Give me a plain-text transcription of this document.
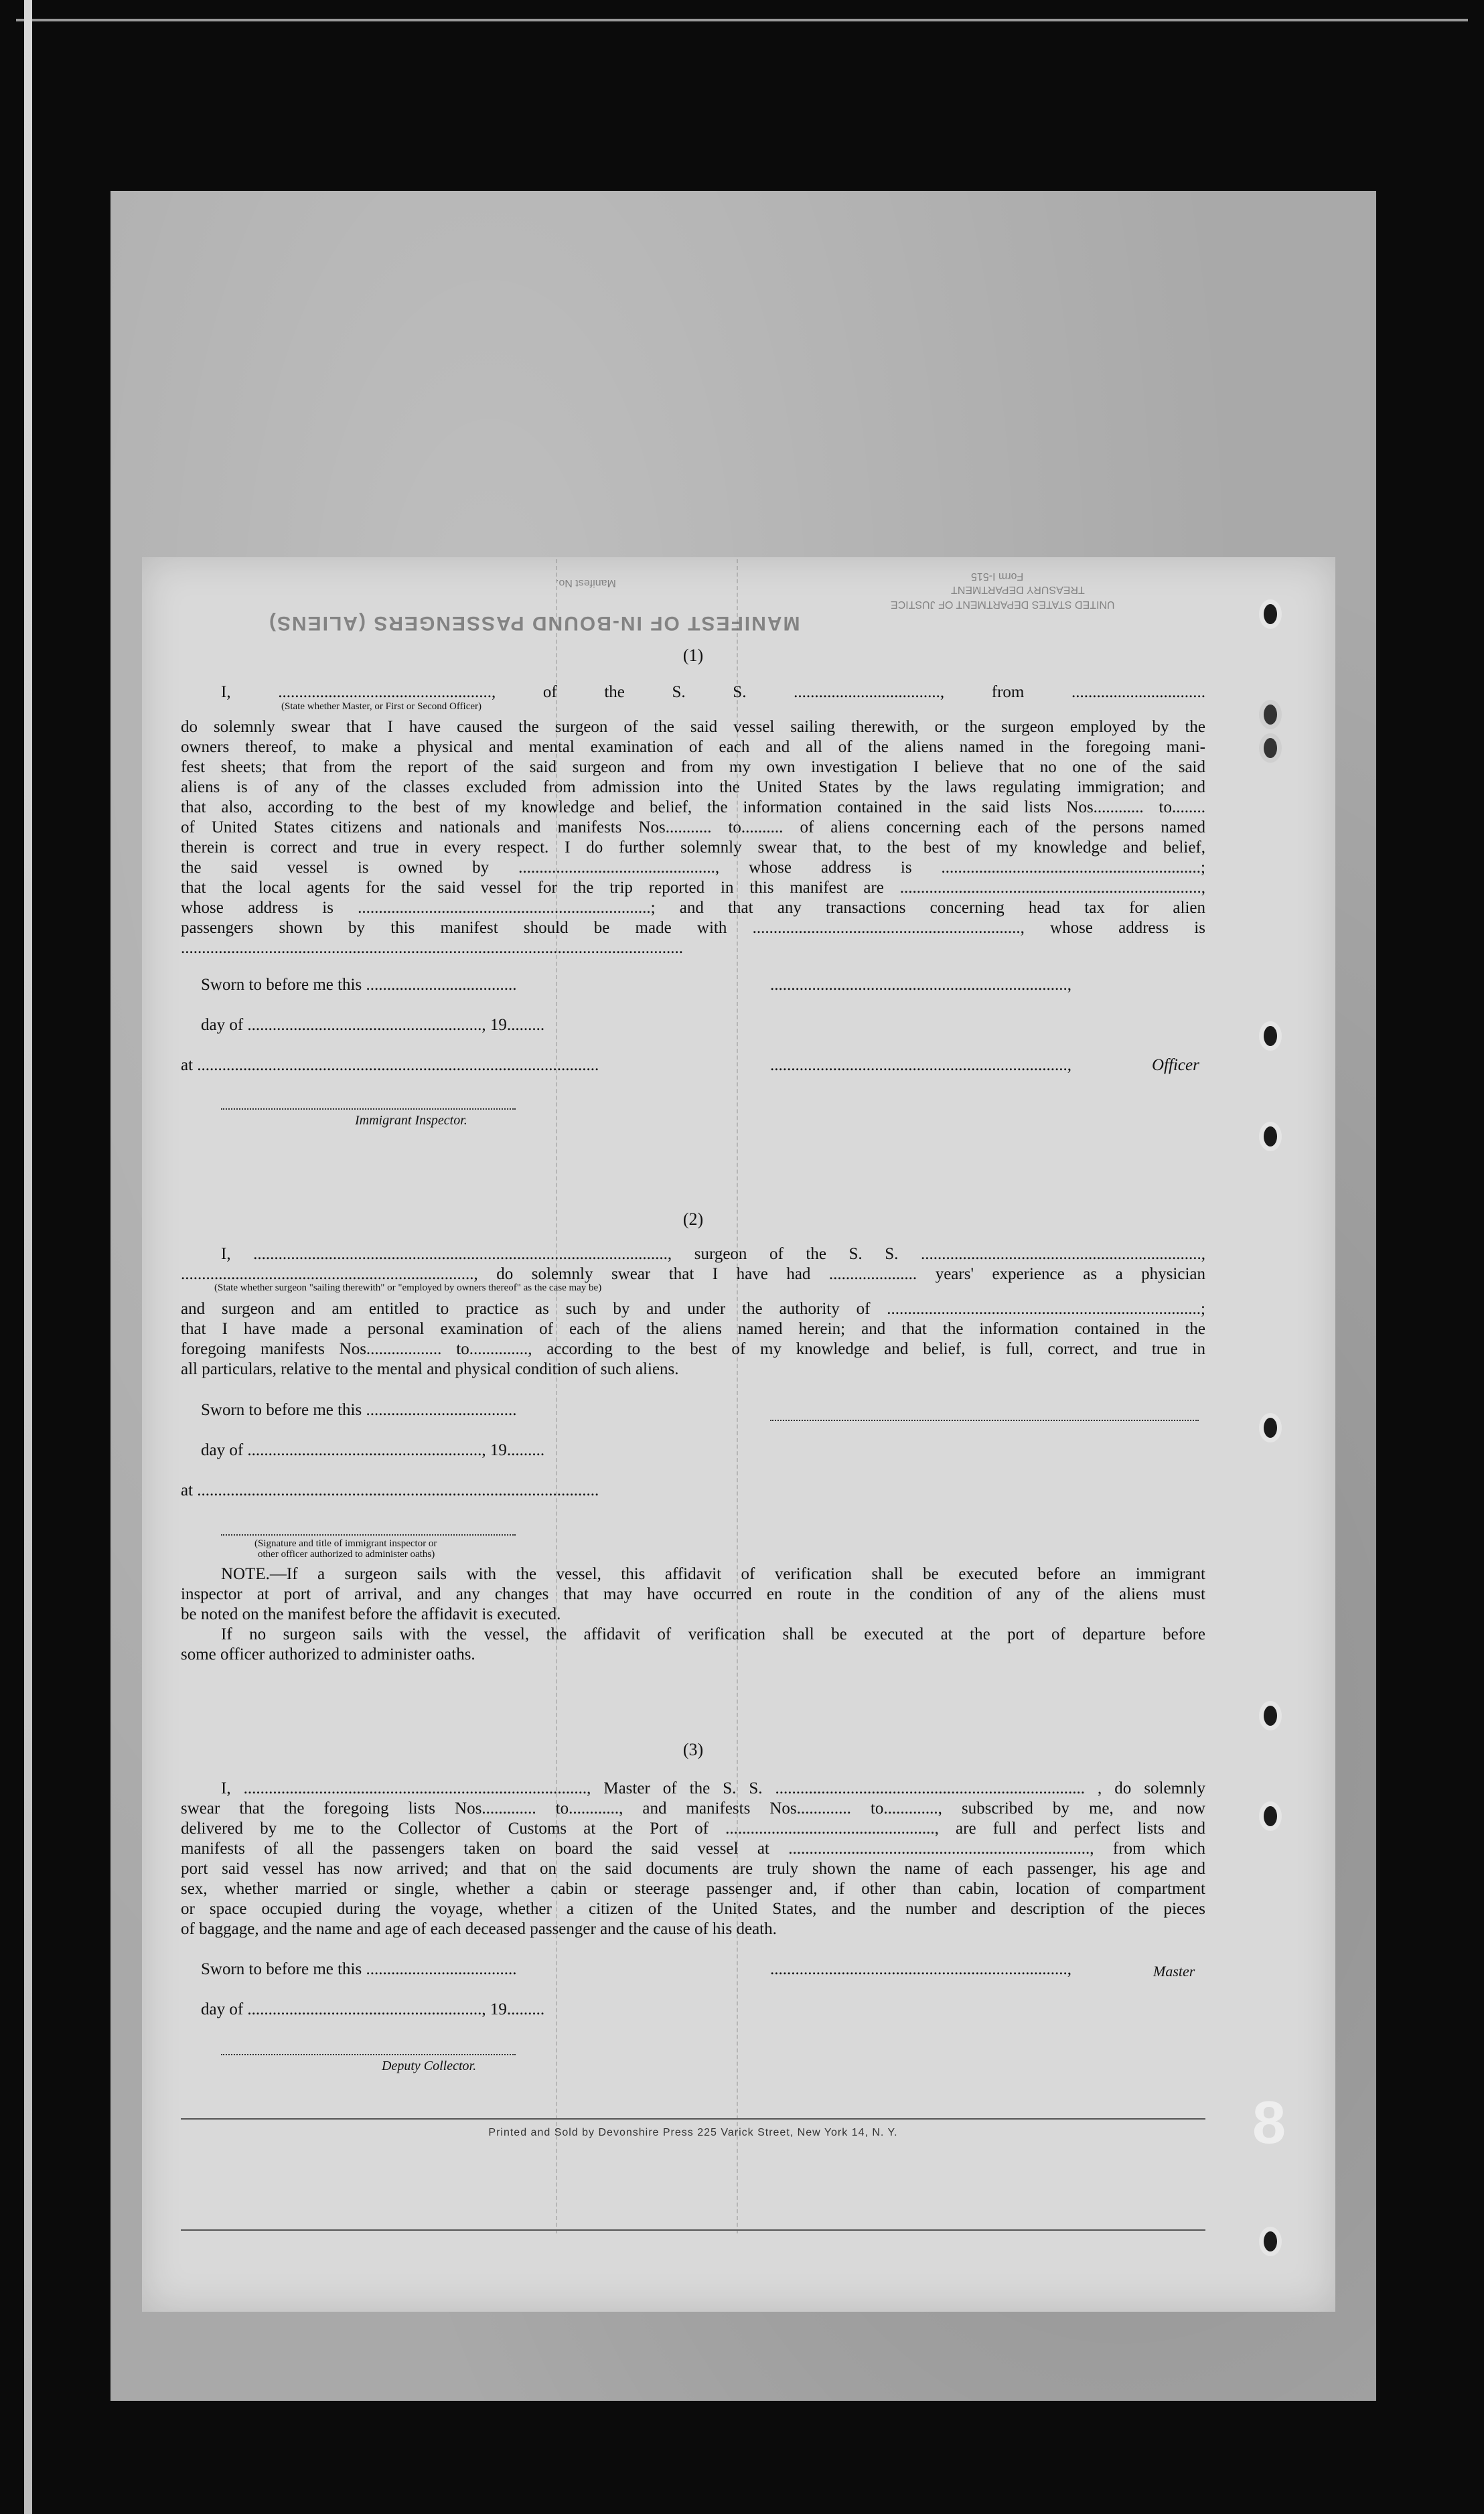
MANIFEST OF IN-BOUND PASSENGERS (ALIENS)
Form I-515
TREASURY DEPARTMENT
UNITED STATES DEPARTMENT OF JUSTICE
Manifest No.
(1)

I, ..................................................., of the S. S. ..................................., from ................................

(State whether Master, or First or Second Officer)

do solemnly swear that I have caused the surgeon of the said vessel sailing therewith, or the surgeon employed by the

owners thereof, to make a physical and mental examination of each and all of the aliens named in the foregoing mani-

fest sheets; that from the report of the said surgeon and from my own investigation I believe that no one of the said

aliens is of any of the classes excluded from admission into the United States by the laws regulating immigration; and

that also, according to the best of my knowledge and belief, the information contained in the said lists Nos............ to........

of United States citizens and nationals and manifests Nos........... to.......... of aliens concerning each of the persons named

therein is correct and true in every respect. I do further solemnly swear that, to the best of my knowledge and belief,

the said vessel is owned by ..............................................., whose address is ..............................................................;

that the local agents for the said vessel for the trip reported in this manifest are ........................................................................,

whose address is ......................................................................; and that any transactions concerning head tax for alien

passengers shown by this manifest should be made with ................................................................, whose address is

........................................................................................................................

Sworn to before me this ....................................	.......................................................................,

day of ........................................................, 19.........

at ................................................................................................	.......................................................................,	Officer

Immigrant Inspector.

(2)

I, ..................................................................................................., surgeon of the S. S. ...................................................................,

......................................................................, do solemnly swear that I have had ..................... years' experience as a physician

(State whether surgeon "sailing therewith" or "employed by owners thereof" as the case may be)

and surgeon and am entitled to practice as such by and under the authority of ...........................................................................;

that I have made a personal examination of each of the aliens named herein; and that the information contained in the

foregoing manifests Nos.................. to.............., according to the best of my knowledge and belief, is full, correct, and true in

all particulars, relative to the mental and physical condition of such aliens.

Sworn to before me this ....................................

day of ........................................................, 19.........

at ................................................................................................

(Signature and title of immigrant inspector or
other officer authorized to administer oaths)

NOTE.—If a surgeon sails with the vessel, this affidavit of verification shall be executed before an immigrant

inspector at port of arrival, and any changes that may have occurred en route in the condition of any of the aliens must

be noted on the manifest before the affidavit is executed.

If no surgeon sails with the vessel, the affidavit of verification shall be executed at the port of departure before

some officer authorized to administer oaths.

(3)

I, .................................................................................., Master of the S. S. .......................................................................... , do solemnly

swear that the foregoing lists Nos............. to............, and manifests Nos............. to............., subscribed by me, and now

delivered by me to the Collector of Customs at the Port of .................................................., are full and perfect lists and

manifests of all the passengers taken on board the said vessel at ........................................................................, from which

port said vessel has now arrived; and that on the said documents are truly shown the name of each passenger, his age and

sex, whether married or single, whether a cabin or steerage passenger and, if other than cabin, location of compartment

or space occupied during the voyage, whether a citizen of the United States, and the number and description of the pieces

of baggage, and the name and age of each deceased passenger and the cause of his death.

Sworn to before me this ....................................	.......................................................................,	Master

day of ........................................................, 19.........

Deputy Collector.

Printed and Sold by Devonshire Press 225 Varick Street, New York 14, N. Y.	8
